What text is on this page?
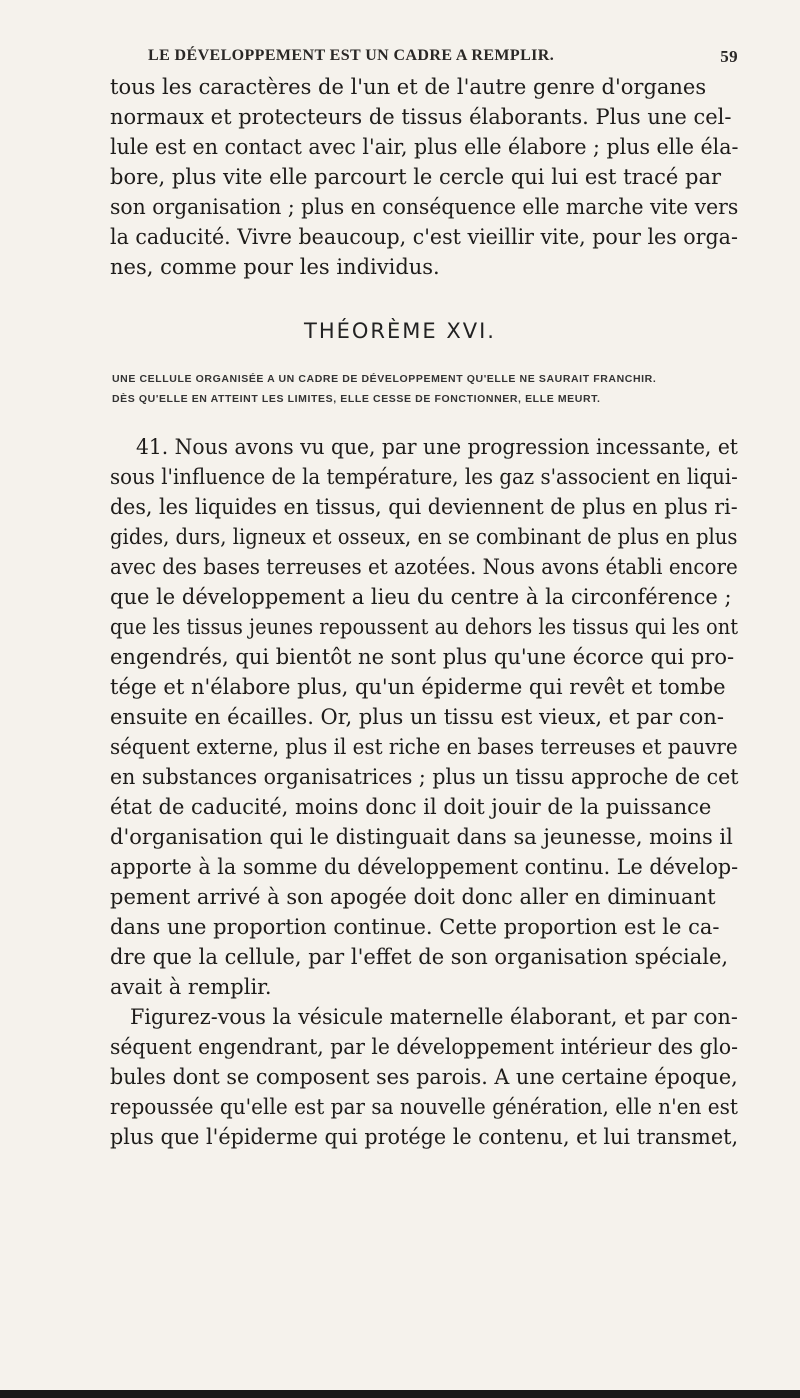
LE DÉVELOPPEMENT EST UN CADRE A REMPLIR.	59
tous les caractères de l'un et de l'autre genre d'organes
normaux et protecteurs de tissus élaborants. Plus une cel-
lule est en contact avec l'air, plus elle élabore ; plus elle éla-
bore, plus vite elle parcourt le cercle qui lui est tracé par
son organisation ; plus en conséquence elle marche vite vers
la caducité. Vivre beaucoup, c'est vieillir vite, pour les orga-
nes, comme pour les individus.
THÉORÈME XVI.
UNE CELLULE ORGANISÉE A UN CADRE DE DÉVELOPPEMENT QU'ELLE NE SAURAIT FRANCHIR.
DÈS QU'ELLE EN ATTEINT LES LIMITES, ELLE CESSE DE FONCTIONNER, ELLE MEURT.
41. Nous avons vu que, par une progression incessante, et
sous l'influence de la température, les gaz s'associent en liqui-
des, les liquides en tissus, qui deviennent de plus en plus ri-
gides, durs, ligneux et osseux, en se combinant de plus en plus
avec des bases terreuses et azotées. Nous avons établi encore
que le développement a lieu du centre à la circonférence ;
que les tissus jeunes repoussent au dehors les tissus qui les ont
engendrés, qui bientôt ne sont plus qu'une écorce qui pro-
tége et n'élabore plus, qu'un épiderme qui revêt et tombe
ensuite en écailles. Or, plus un tissu est vieux, et par con-
séquent externe, plus il est riche en bases terreuses et pauvre
en substances organisatrices ; plus un tissu approche de cet
état de caducité, moins donc il doit jouir de la puissance
d'organisation qui le distinguait dans sa jeunesse, moins il
apporte à la somme du développement continu. Le dévelop-
pement arrivé à son apogée doit donc aller en diminuant
dans une proportion continue. Cette proportion est le ca-
dre que la cellule, par l'effet de son organisation spéciale,
avait à remplir.
Figurez-vous la vésicule maternelle élaborant, et par con-
séquent engendrant, par le développement intérieur des glo-
bules dont se composent ses parois. A une certaine époque,
repoussée qu'elle est par sa nouvelle génération, elle n'en est
plus que l'épiderme qui protége le contenu, et lui transmet,
